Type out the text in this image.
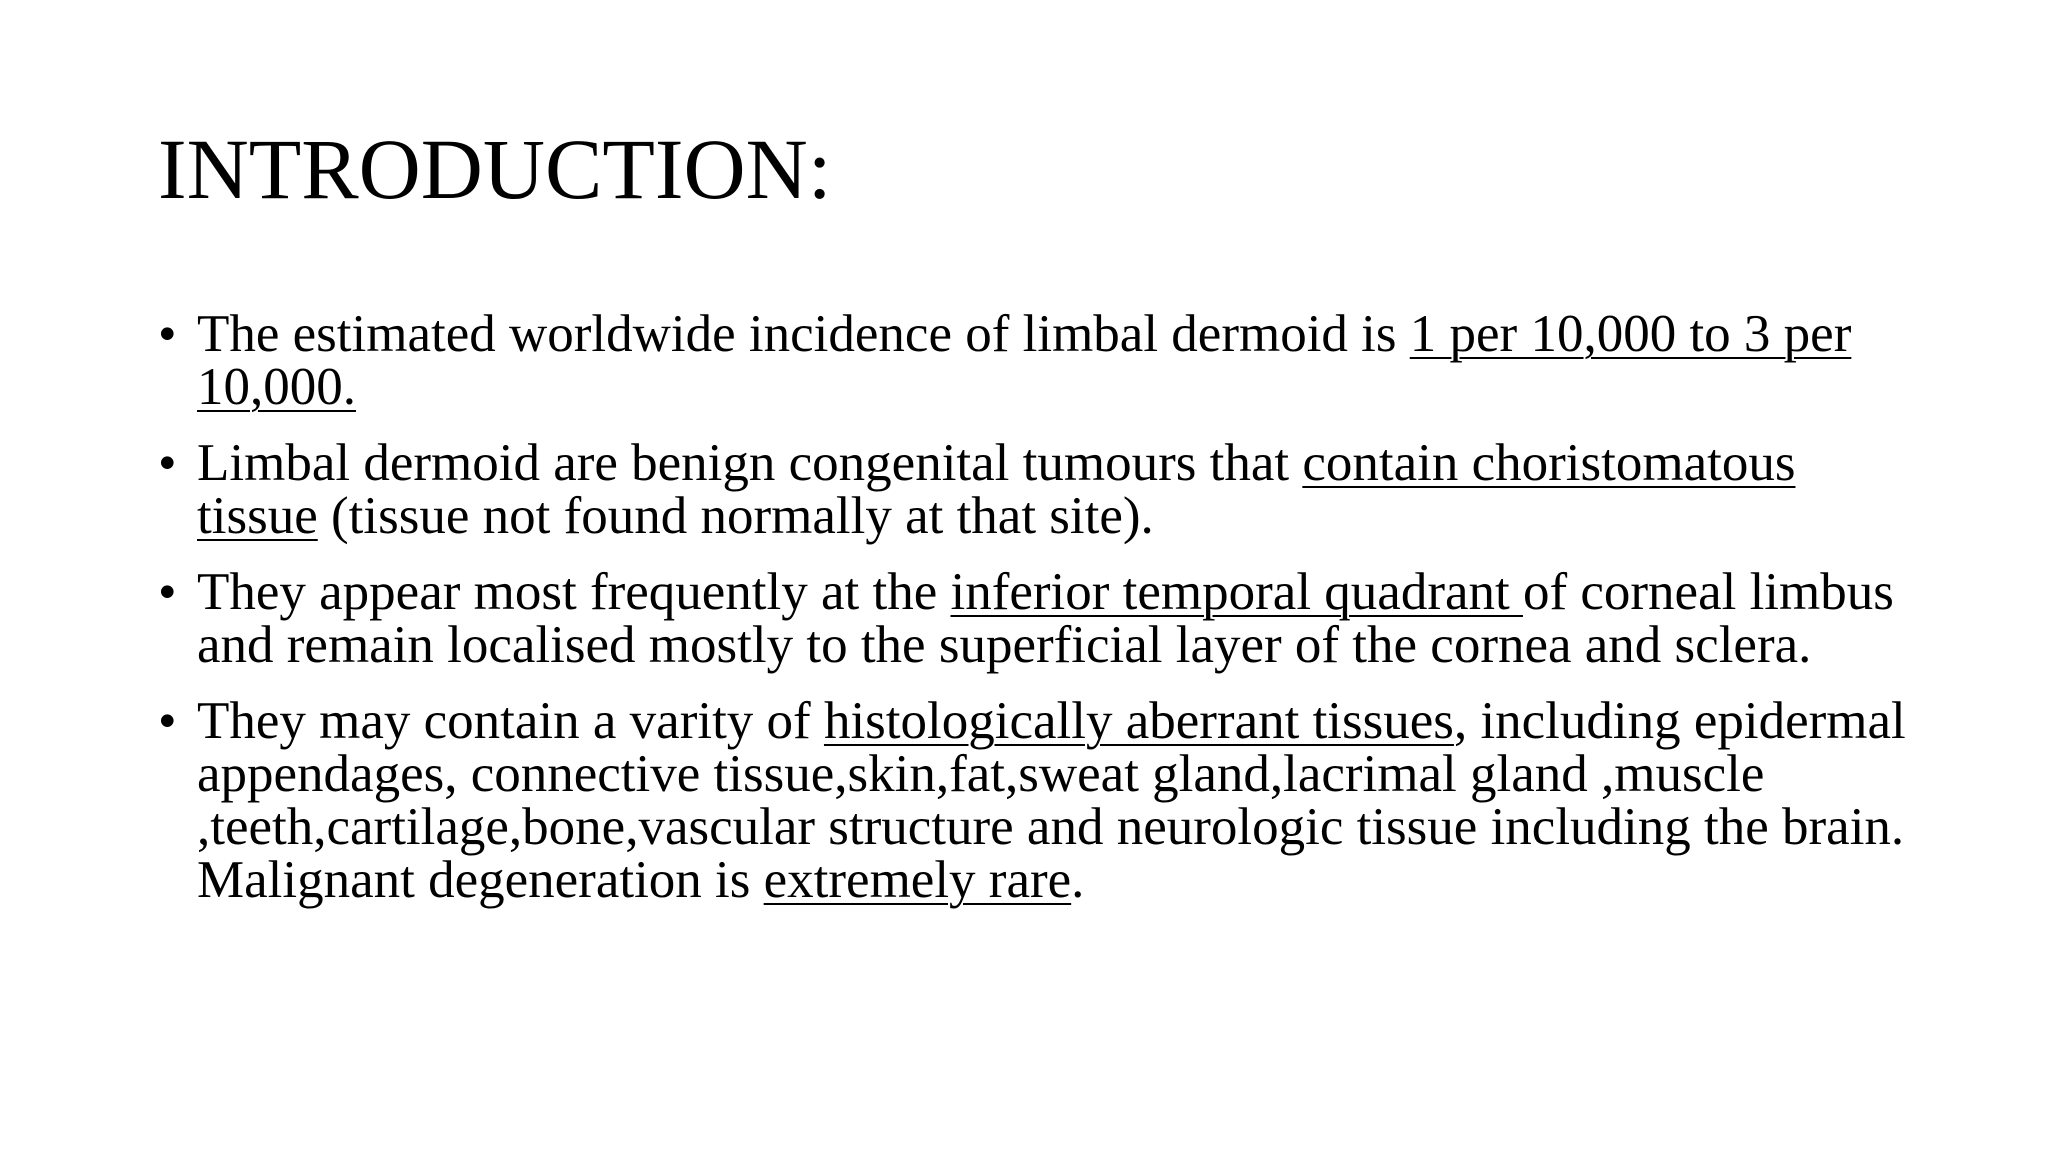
INTRODUCTION:
• The estimated worldwide incidence of limbal dermoid is 1 per 10,000 to 3 per 10,000.
• Limbal dermoid are benign congenital tumours that contain choristomatous tissue (tissue not found normally at that site).
• They appear most frequently at the inferior temporal quadrant of corneal limbus and remain localised mostly to the superficial layer of the cornea and sclera.
• They may contain a varity of histologically aberrant tissues, including epidermal appendages, connective tissue,skin,fat,sweat gland,lacrimal gland ,muscle ,teeth,cartilage,bone,vascular structure and neurologic tissue including the brain. Malignant degeneration is extremely rare.
